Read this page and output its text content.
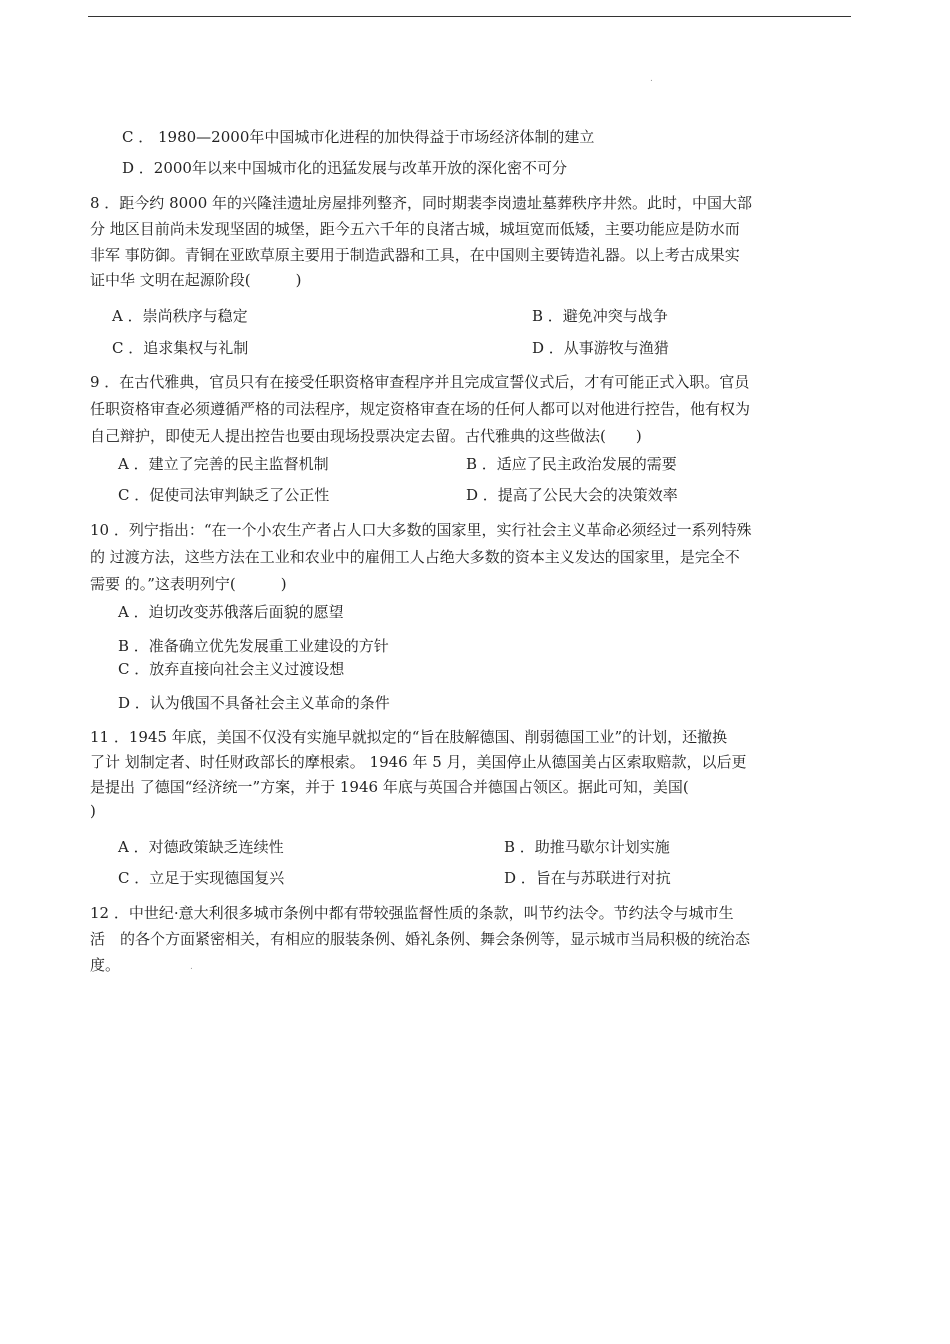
.
C ． 1980—2000年中国城市化进程的加快得益于市场经济体制的建立
D ．2000年以来中国城市化的迅猛发展与改革开放的深化密不可分
8 ．距今约 8000 年的兴隆洼遗址房屋排列整齐，同时期裴李岗遗址墓葬秩序井然。此时，中国大部
分 地区目前尚未发现坚固的城堡，距今五六千年的良渚古城，城垣宽而低矮，主要功能应是防水而
非军 事防御。青铜在亚欧草原主要用于制造武器和工具，在中国则主要铸造礼器。以上考古成果实
证中华 文明在起源阶段(　　　)
A ．崇尚秩序与稳定	B ．避免冲突与战争
C ．追求集权与礼制	D ．从事游牧与渔猎
9 ．在古代雅典，官员只有在接受任职资格审查程序并且完成宣誓仪式后，才有可能正式入职。官员
任职资格审查必须遵循严格的司法程序，规定资格审查在场的任何人都可以对他进行控告，他有权为
自己辩护，即使无人提出控告也要由现场投票决定去留。古代雅典的这些做法(　　)
A ．建立了完善的民主监督机制	B ．适应了民主政治发展的需要
C ．促使司法审判缺乏了公正性	D ．提高了公民大会的决策效率
10 ．列宁指出：“在一个小农生产者占人口大多数的国家里，实行社会主义革命必须经过一系列特殊
的 过渡方法，这些方法在工业和农业中的雇佣工人占绝大多数的资本主义发达的国家里，是完全不
需要 的。”这表明列宁(　　　)
A ．迫切改变苏俄落后面貌的愿望
B ．准备确立优先发展重工业建设的方针
C ．放弃直接向社会主义过渡设想
D ．认为俄国不具备社会主义革命的条件
11 ．1945 年底，美国不仅没有实施早就拟定的“旨在肢解德国、削弱德国工业”的计划，还撤换
了计 划制定者、时任财政部长的摩根索。 1946 年 5 月，美国停止从德国美占区索取赔款，以后更
是提出 了德国“经济统一”方案，并于 1946 年底与英国合并德国占领区。据此可知，美国(
)
A ．对德政策缺乏连续性	B ．助推马歇尔计划实施
C ．立足于实现德国复兴	D ．旨在与苏联进行对抗
12 ．中世纪·意大利很多城市条例中都有带较强监督性质的条款，叫节约法令。节约法令与城市生
活　的各个方面紧密相关，有相应的服装条例、婚礼条例、舞会条例等，显示城市当局积极的统治态
度。	.
